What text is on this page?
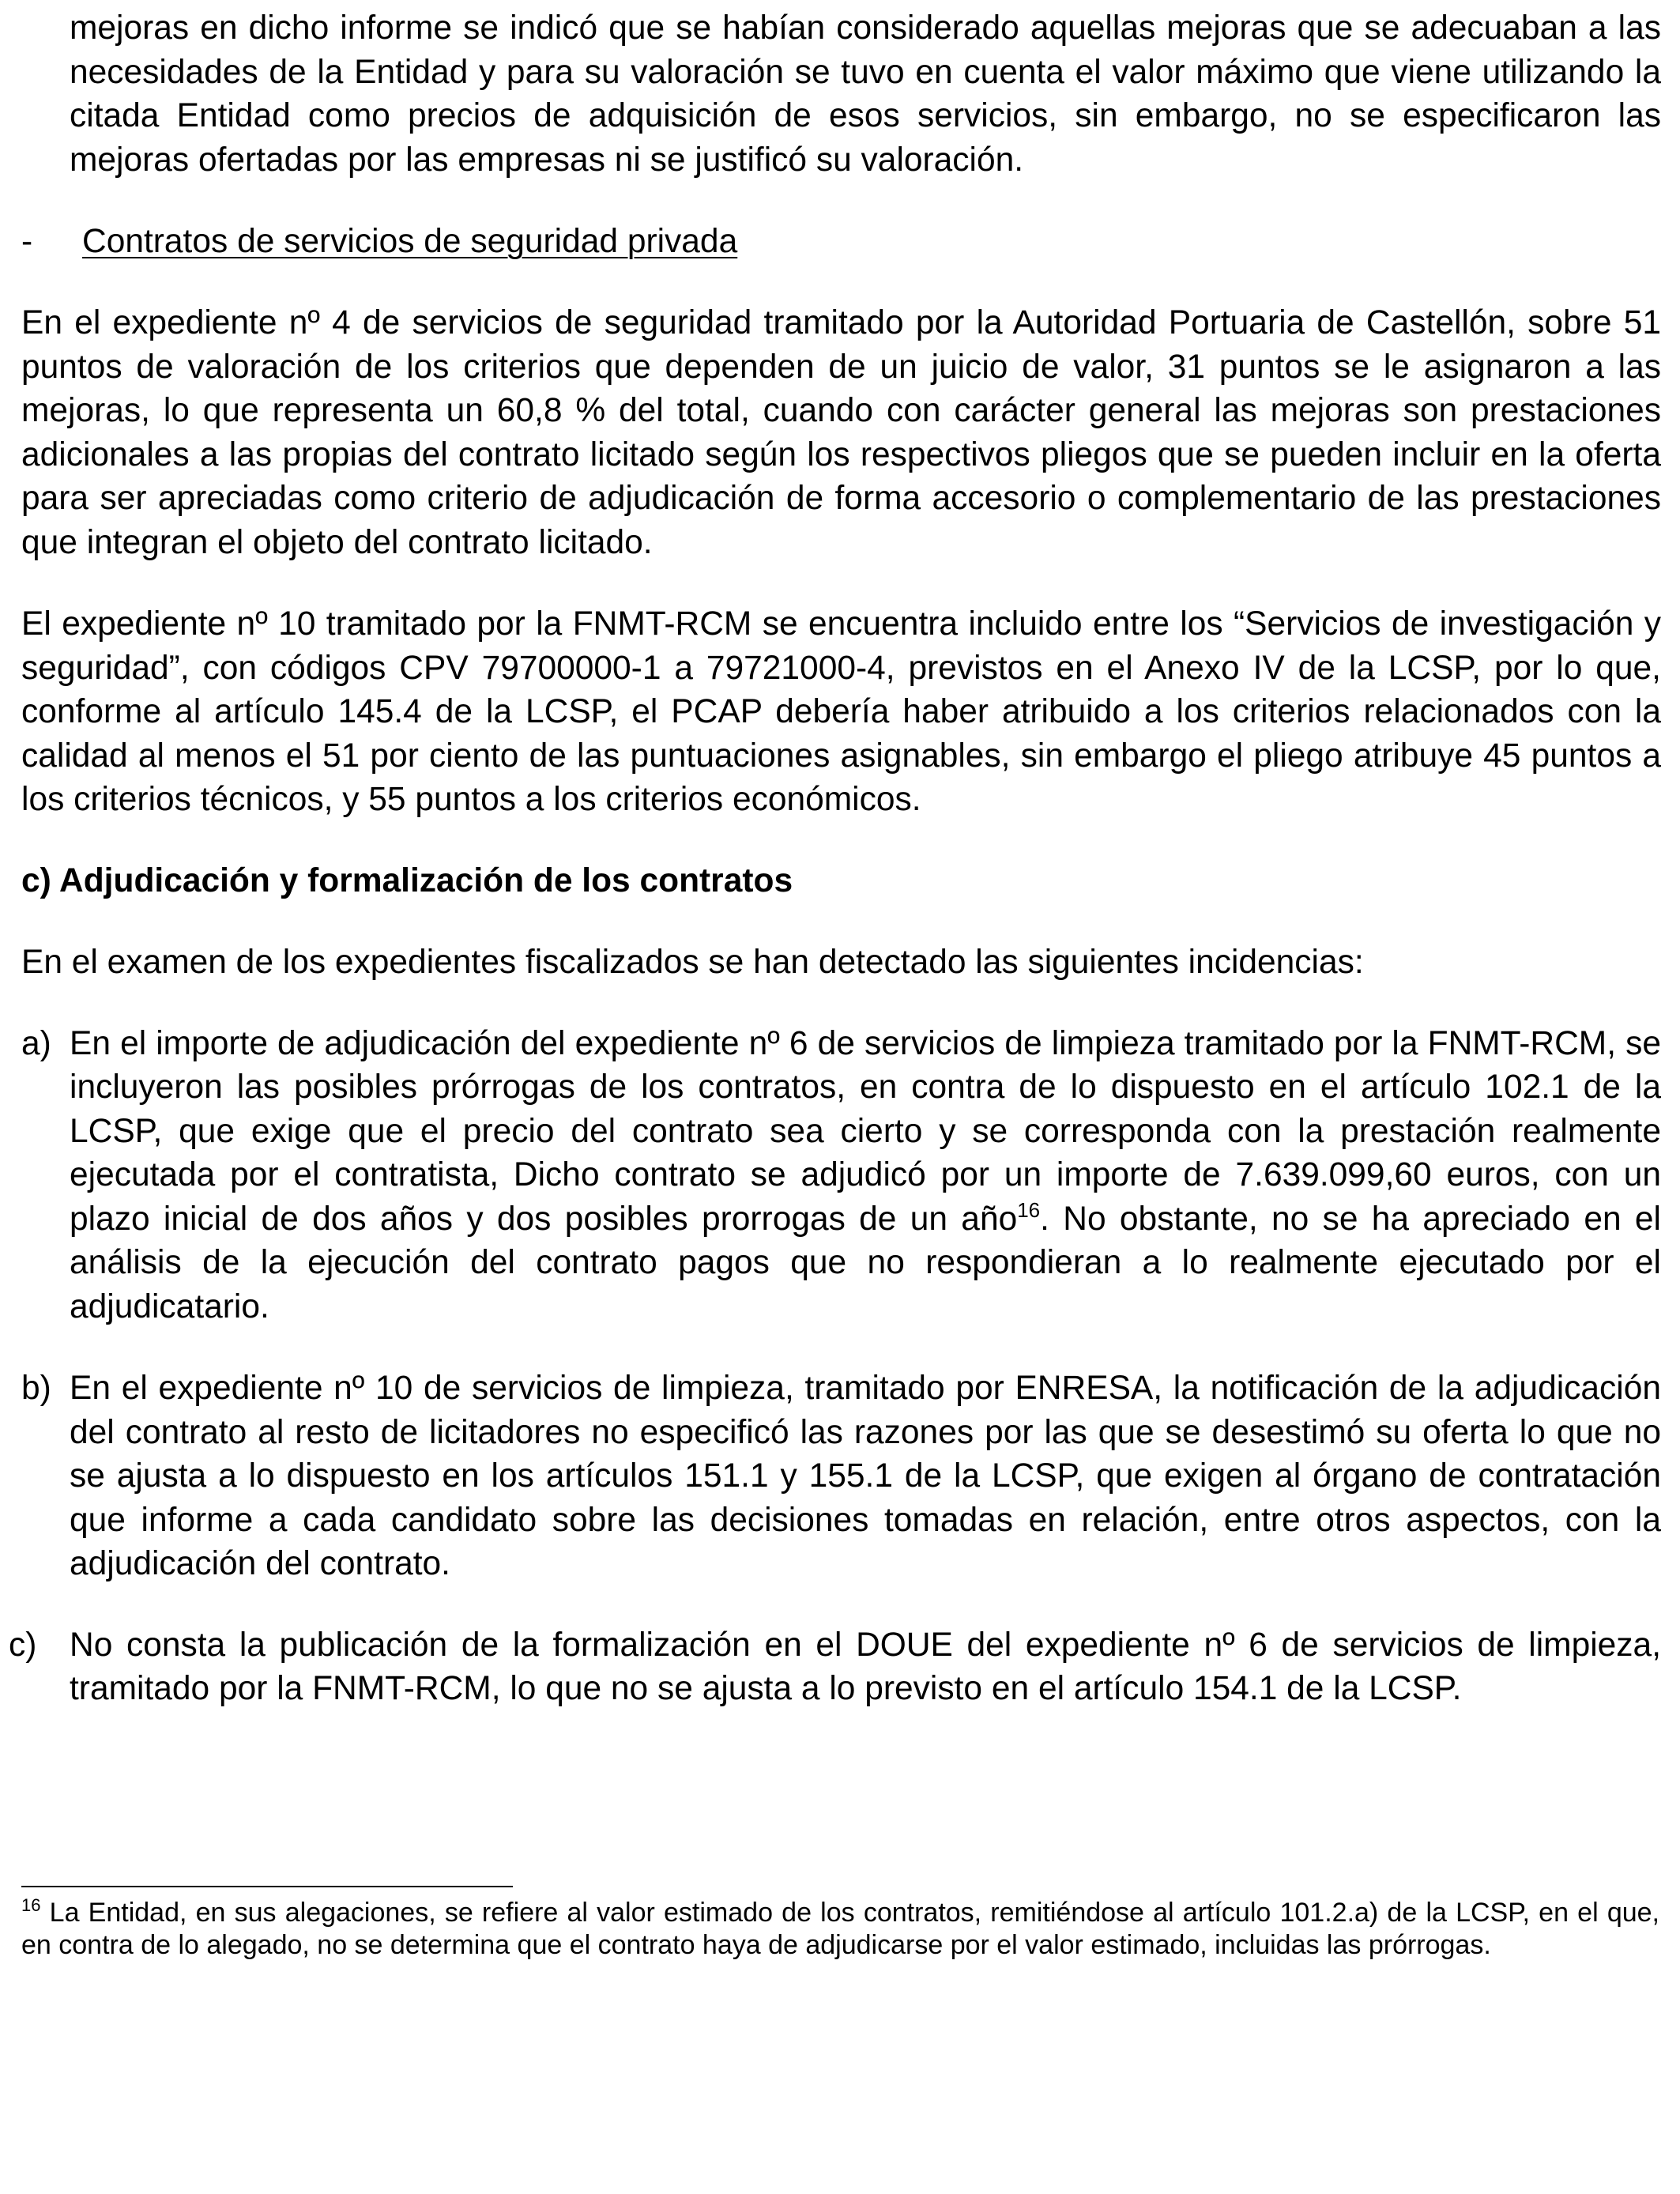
mejoras en dicho informe se indicó que se habían considerado aquellas mejoras que se adecuaban a las necesidades de la Entidad y para su valoración se tuvo en cuenta el valor máximo que viene utilizando la citada Entidad como precios de adquisición de esos servicios, sin embargo, no se especificaron las mejoras ofertadas por las empresas ni se justificó su valoración.

- Contratos de servicios de seguridad privada

En el expediente nº 4 de servicios de seguridad tramitado por la Autoridad Portuaria de Castellón, sobre 51 puntos de valoración de los criterios que dependen de un juicio de valor, 31 puntos se le asignaron a las mejoras, lo que representa un 60,8 % del total, cuando con carácter general las mejoras son prestaciones adicionales a las propias del contrato licitado según los respectivos pliegos que se pueden incluir en la oferta para ser apreciadas como criterio de adjudicación de forma accesorio o complementario de las prestaciones que integran el objeto del contrato licitado.

El expediente nº 10 tramitado por la FNMT-RCM se encuentra incluido entre los “Servicios de investigación y seguridad”, con códigos CPV 79700000-1 a 79721000-4, previstos en el Anexo IV de la LCSP, por lo que, conforme al artículo 145.4 de la LCSP, el PCAP debería haber atribuido a los criterios relacionados con la calidad al menos el 51 por ciento de las puntuaciones asignables, sin embargo el pliego atribuye 45 puntos a los criterios técnicos, y 55 puntos a los criterios económicos.

c) Adjudicación y formalización de los contratos

En el examen de los expedientes fiscalizados se han detectado las siguientes incidencias:

a) En el importe de adjudicación del expediente nº 6 de servicios de limpieza tramitado por la FNMT-RCM, se incluyeron las posibles prórrogas de los contratos, en contra de lo dispuesto en el artículo 102.1 de la LCSP, que exige que el precio del contrato sea cierto y se corresponda con la prestación realmente ejecutada por el contratista, Dicho contrato se adjudicó por un importe de 7.639.099,60 euros, con un plazo inicial de dos años y dos posibles prorrogas de un año$^{16}$. No obstante, no se ha apreciado en el análisis de la ejecución del contrato pagos que no respondieran a lo realmente ejecutado por el adjudicatario.
b) En el expediente nº 10 de servicios de limpieza, tramitado por ENRESA, la notificación de la adjudicación del contrato al resto de licitadores no especificó las razones por las que se desestimó su oferta lo que no se ajusta a lo dispuesto en los artículos 151.1 y 155.1 de la LCSP, que exigen al órgano de contratación que informe a cada candidato sobre las decisiones tomadas en relación, entre otros aspectos, con la adjudicación del contrato.
c) No consta la publicación de la formalización en el DOUE del expediente nº 6 de servicios de limpieza, tramitado por la FNMT-RCM, lo que no se ajusta a lo previsto en el artículo 154.1 de la LCSP.
$^{16}$ La Entidad, en sus alegaciones, se refiere al valor estimado de los contratos, remitiéndose al artículo 101.2.a) de la LCSP, en el que, en contra de lo alegado, no se determina que el contrato haya de adjudicarse por el valor estimado, incluidas las prórrogas.
